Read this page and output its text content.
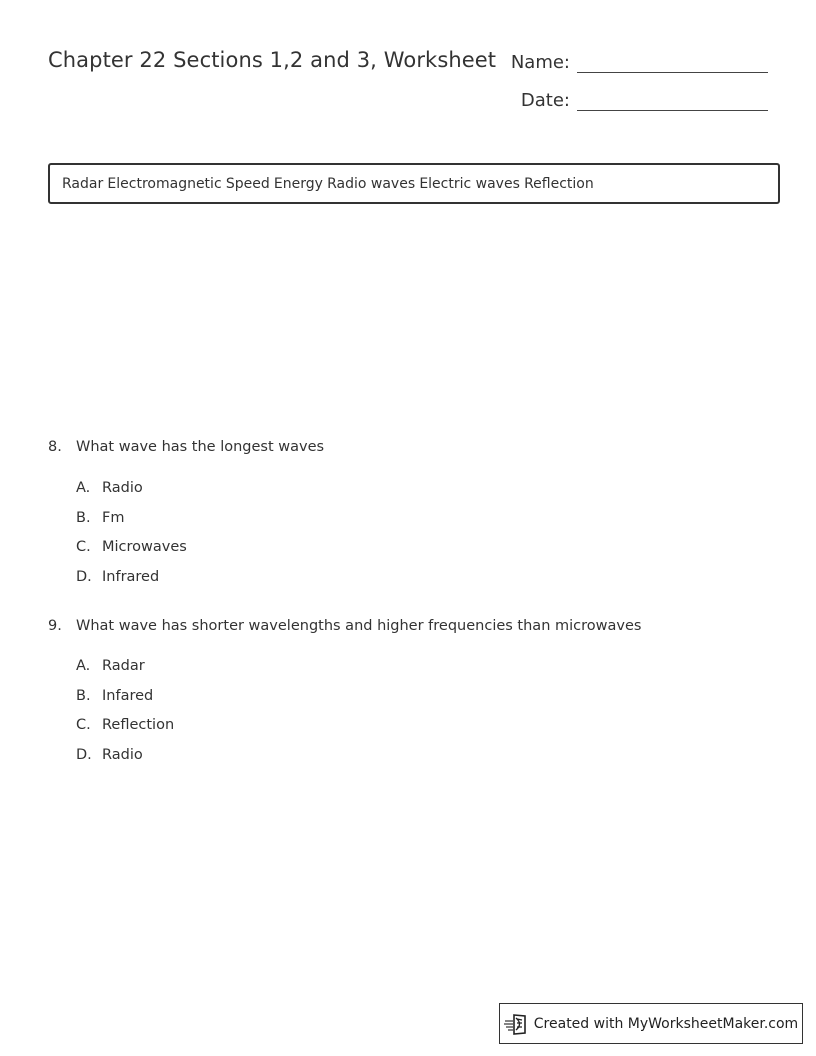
Chapter 22 Sections 1,2 and 3, Worksheet Name:
Date:
Radar Electromagnetic Speed Energy Radio waves Electric waves Reflection
8. What wave has the longest waves
A. Radio
B. Fm
C. Microwaves
D. Infrared
9. What wave has shorter wavelengths and higher frequencies than microwaves
A. Radar
B. Infared
C. Reflection
D. Radio
Created with MyWorksheetMaker.com
